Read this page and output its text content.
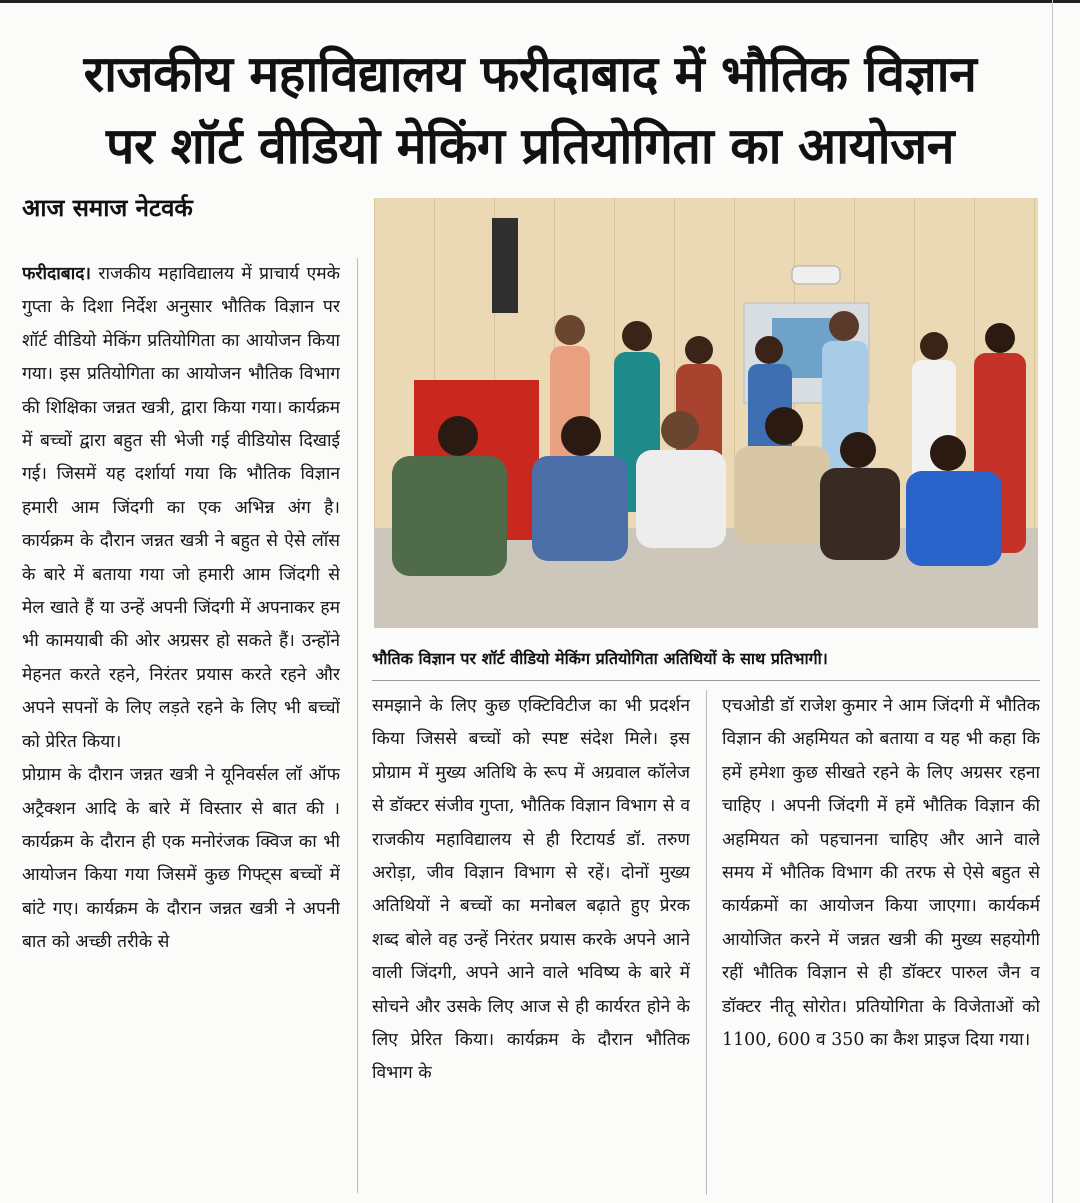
राजकीय महाविद्यालय फरीदाबाद में भौतिक विज्ञान
पर शॉर्ट वीडियो मेकिंग प्रतियोगिता का आयोजन
आज समाज नेटवर्क

फरीदाबाद। राजकीय महाविद्यालय में प्राचार्य एमके गुप्ता के दिशा निर्देश अनुसार भौतिक विज्ञान पर शॉर्ट वीडियो मेकिंग प्रतियोगिता का आयोजन किया गया। इस प्रतियोगिता का आयोजन भौतिक विभाग की शिक्षिका जन्नत खत्री, द्वारा किया गया। कार्यक्रम में बच्चों द्वारा बहुत सी भेजी गई वीडियोस दिखाई गई। जिसमें यह दर्शार्या गया कि भौतिक विज्ञान हमारी आम जिंदगी का एक अभिन्न अंग है। कार्यक्रम के दौरान जन्नत खत्री ने बहुत से ऐसे लॉस के बारे में बताया गया जो हमारी आम जिंदगी से मेल खाते हैं या उन्हें अपनी जिंदगी में अपनाकर हम भी कामयाबी की ओर अग्रसर हो सकते हैं। उन्होंने मेहनत करते रहने, निरंतर प्रयास करते रहने और अपने सपनों के लिए लड़ते रहने के लिए भी बच्चों को प्रेरित किया।

प्रोग्राम के दौरान जन्नत खत्री ने यूनिवर्सल लॉ ऑफ अट्रैक्शन आदि के बारे में विस्तार से बात की । कार्यक्रम के दौरान ही एक मनोरंजक क्विज का भी आयोजन किया गया जिसमें कुछ गिफ्ट्स बच्चों में बांटे गए। कार्यक्रम के दौरान जन्नत खत्री ने अपनी बात को अच्छी तरीके से

भौतिक विज्ञान पर शॉर्ट वीडियो मेकिंग प्रतियोगिता अतिथियों के साथ प्रतिभागी।

समझाने के लिए कुछ एक्टिविटीज का भी प्रदर्शन किया जिससे बच्चों को स्पष्ट संदेश मिले। इस प्रोग्राम में मुख्य अतिथि के रूप में अग्रवाल कॉलेज से डॉक्टर संजीव गुप्ता, भौतिक विज्ञान विभाग से व राजकीय महाविद्यालय से ही रिटायर्ड डॉ. तरुण अरोड़ा, जीव विज्ञान विभाग से रहें। दोनों मुख्य अतिथियों ने बच्चों का मनोबल बढ़ाते हुए प्रेरक शब्द बोले वह उन्हें निरंतर प्रयास करके अपने आने वाली जिंदगी, अपने आने वाले भविष्य के बारे में सोचने और उसके लिए आज से ही कार्यरत होने के लिए प्रेरित किया। कार्यक्रम के दौरान भौतिक विभाग के

एचओडी डॉ राजेश कुमार ने आम जिंदगी में भौतिक विज्ञान की अहमियत को बताया व यह भी कहा कि हमें हमेशा कुछ सीखते रहने के लिए अग्रसर रहना चाहिए । अपनी जिंदगी में हमें भौतिक विज्ञान की अहमियत को पहचानना चाहिए और आने वाले समय में भौतिक विभाग की तरफ से ऐसे बहुत से कार्यक्रमों का आयोजन किया जाएगा। कार्यकर्म आयोजित करने में जन्नत खत्री की मुख्य सहयोगी रहीं भौतिक विज्ञान से ही डॉक्टर पारुल जैन व डॉक्टर नीतू सोरोत। प्रतियोगिता के विजेताओं को 1100, 600 व 350 का कैश प्राइज दिया गया।
